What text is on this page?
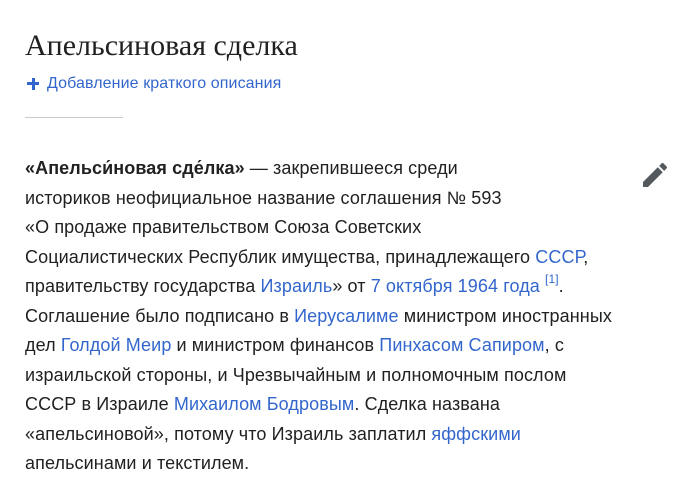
Апельсиновая сделка
Добавление краткого описания

«Апельси́новая сде́лка» — закрепившееся среди
историков неофициальное название соглашения № 593
«О продаже правительством Союза Советских
Социалистических Республик имущества, принадлежащего СССР,
правительству государства Израиль» от 7 октября 1964 года [1].
Соглашение было подписано в Иерусалиме министром иностранных
дел Голдой Меир и министром финансов Пинхасом Сапиром, с
израильской стороны, и Чрезвычайным и полномочным послом
СССР в Израиле Михаилом Бодровым. Сделка названа
«апельсиновой», потому что Израиль заплатил яффскими
апельсинами и текстилем.
